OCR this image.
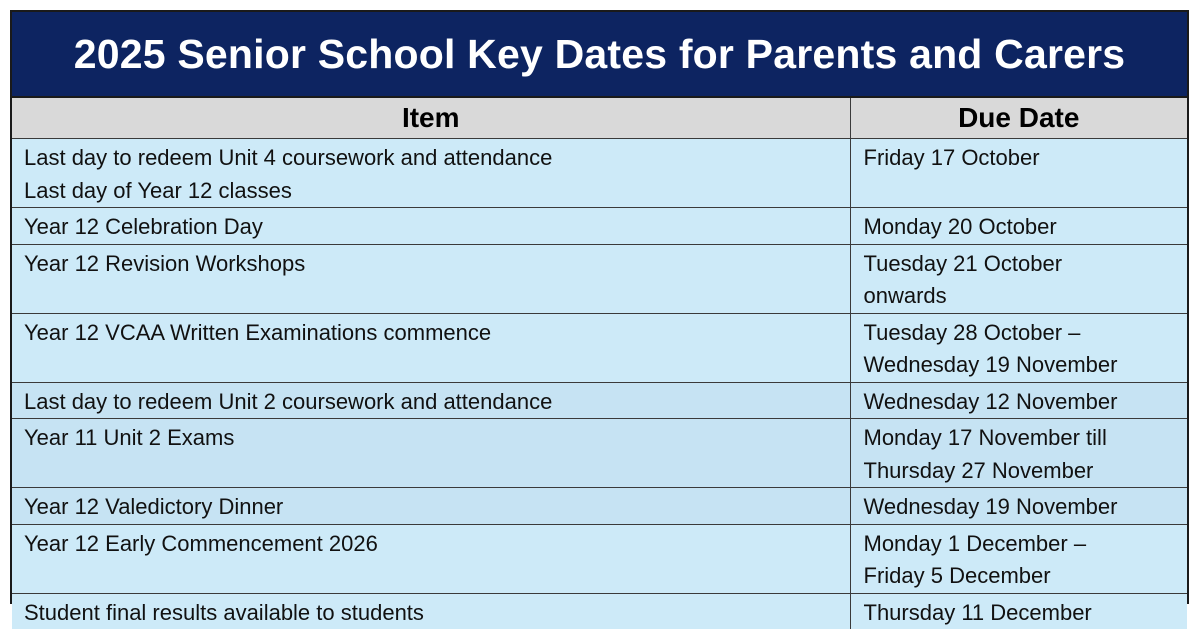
2025 Senior School Key Dates for Parents and Carers
Item	Due Date
Last day to redeem Unit 4 coursework and attendance
Last day of Year 12 classes	Friday 17 October
Year 12 Celebration Day	Monday 20 October
Year 12 Revision Workshops	Tuesday 21 October
onwards
Year 12 VCAA Written Examinations commence	Tuesday 28 October –
Wednesday 19 November
Last day to redeem Unit 2 coursework and attendance	Wednesday 12 November
Year 11 Unit 2 Exams	Monday 17 November till
Thursday 27 November
Year 12 Valedictory Dinner	Wednesday 19 November
Year 12 Early Commencement 2026	Monday 1 December –
Friday 5 December
Student final results available to students	Thursday 11 December
